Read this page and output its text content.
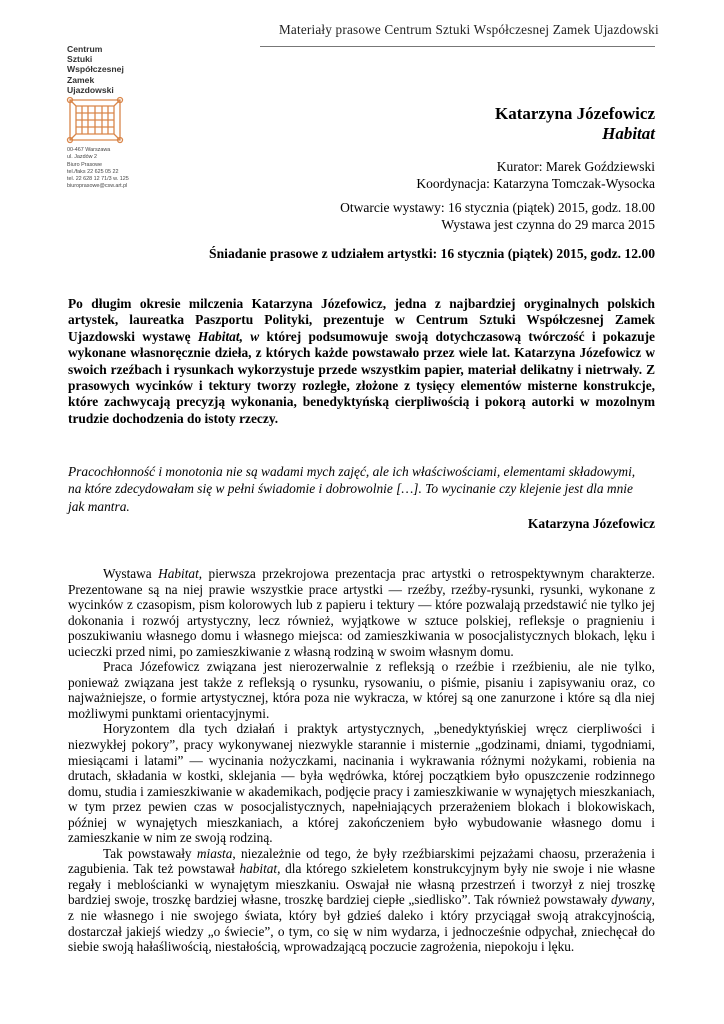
Materiały prasowe Centrum Sztuki Współczesnej Zamek Ujazdowski
Centrum
Sztuki
Współczesnej
Zamek
Ujazdowski
00-467 Warszawa
ul. Jazdów 2
Biuro Prasowe
tel./faks 22 625 05 22
tel. 22 628 12 71/3 w. 125
biuroprasowe@csw.art.pl
Katarzyna Józefowicz
Habitat
Kurator: Marek Goździewski
Koordynacja: Katarzyna Tomczak-Wysocka
Otwarcie wystawy: 16 stycznia (piątek) 2015, godz. 18.00
Wystawa jest czynna do 29 marca 2015
Śniadanie prasowe z udziałem artystki: 16 stycznia (piątek) 2015, godz. 12.00
Po długim okresie milczenia Katarzyna Józefowicz, jedna z najbardziej oryginalnych polskich artystek, laureatka Paszportu Polityki, prezentuje w Centrum Sztuki Współczesnej Zamek Ujazdowski wystawę Habitat, w której podsumowuje swoją dotychczasową twórczość i pokazuje wykonane własnoręcznie dzieła, z których każde powstawało przez wiele lat. Katarzyna Józefowicz w swoich rzeźbach i rysunkach wykorzystuje przede wszystkim papier, materiał delikatny i nietrwały. Z prasowych wycinków i tektury tworzy rozległe, złożone z tysięcy elementów misterne konstrukcje, które zachwycają precyzją wykonania, benedyktyńską cierpliwością i pokorą autorki w mozolnym trudzie dochodzenia do istoty rzeczy.
Pracochłonność i monotonia nie są wadami mych zajęć, ale ich właściwościami, elementami składowymi,
na które zdecydowałam się w pełni świadomie i dobrowolnie […]. To wycinanie czy klejenie jest dla mnie
jak mantra.
Katarzyna Józefowicz
Wystawa Habitat, pierwsza przekrojowa prezentacja prac artystki o retrospektywnym charakterze. Prezentowane są na niej prawie wszystkie prace artystki — rzeźby, rzeźby-rysunki, rysunki, wykonane z wycinków z czasopism, pism kolorowych lub z papieru i tektury — które pozwalają przedstawić nie tylko jej dokonania i rozwój artystyczny, lecz również, wyjątkowe w sztuce polskiej, refleksje o pragnieniu i poszukiwaniu własnego domu i własnego miejsca: od zamieszkiwania w posocjalistycznych blokach, lęku i ucieczki przed nimi, po zamieszkiwanie z własną rodziną w swoim własnym domu.
Praca Józefowicz związana jest nierozerwalnie z refleksją o rzeźbie i rzeźbieniu, ale nie tylko, ponieważ związana jest także z refleksją o rysunku, rysowaniu, o piśmie, pisaniu i zapisywaniu oraz, co najważniejsze, o formie artystycznej, która poza nie wykracza, w której są one zanurzone i które są dla niej możliwymi punktami orientacyjnymi.
Horyzontem dla tych działań i praktyk artystycznych, „benedyktyńskiej wręcz cierpliwości i niezwykłej pokory”, pracy wykonywanej niezwykle starannie i misternie „godzinami, dniami, tygodniami, miesiącami i latami” — wycinania nożyczkami, nacinania i wykrawania różnymi nożykami, robienia na drutach, składania w kostki, sklejania — była wędrówka, której początkiem było opuszczenie rodzinnego domu, studia i zamieszkiwanie w akademikach, podjęcie pracy i zamieszkiwanie w wynajętych mieszkaniach, w tym przez pewien czas w posocjalistycznych, napełniających przerażeniem blokach i blokowiskach, później w wynajętych mieszkaniach, a której zakończeniem było wybudowanie własnego domu i zamieszkanie w nim ze swoją rodziną.
Tak powstawały miasta, niezależnie od tego, że były rzeźbiarskimi pejzażami chaosu, przerażenia i zagubienia. Tak też powstawał habitat, dla którego szkieletem konstrukcyjnym były nie swoje i nie własne regały i meblościanki w wynajętym mieszkaniu. Oswajał nie własną przestrzeń i tworzył z niej troszkę bardziej swoje, troszkę bardziej własne, troszkę bardziej ciepłe „siedlisko”. Tak również powstawały dywany, z nie własnego i nie swojego świata, który był gdzieś daleko i który przyciągał swoją atrakcyjnością, dostarczał jakiejś wiedzy „o świecie”, o tym, co się w nim wydarza, i jednocześnie odpychał, zniechęcał do siebie swoją hałaśliwością, niestałością, wprowadzającą poczucie zagrożenia, niepokoju i lęku.
